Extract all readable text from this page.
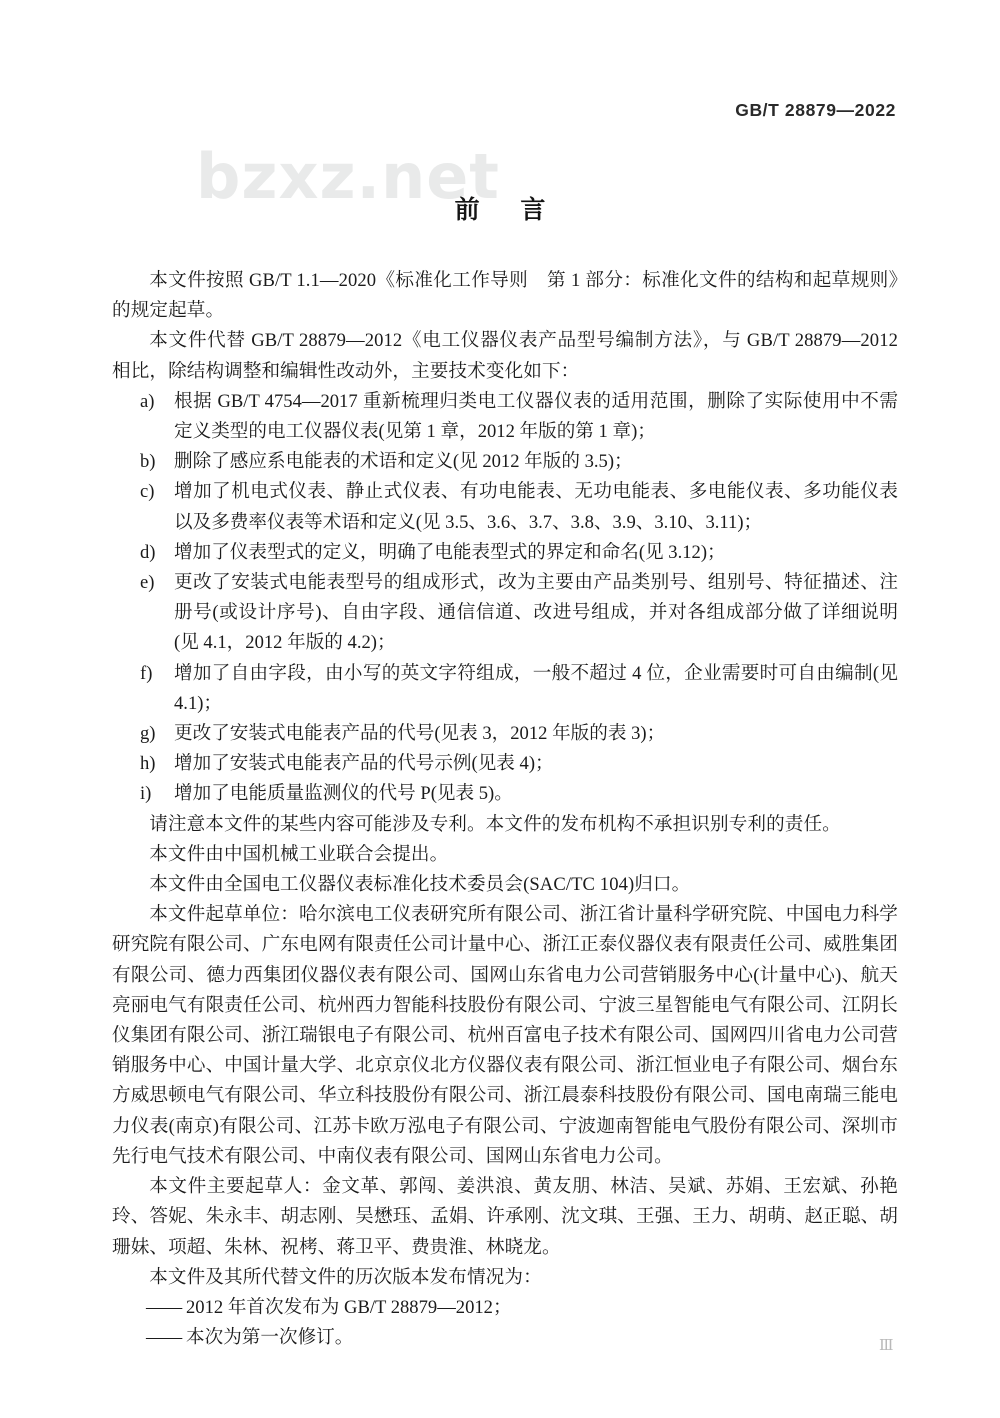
GB/T 28879—2022
bzxz.net
前 言

本文件按照 GB/T 1.1—2020《标准化工作导则　第 1 部分：标准化文件的结构和起草规则》的规定起草。

本文件代替 GB/T 28879—2012《电工仪器仪表产品型号编制方法》，与 GB/T 28879—2012 相比，除结构调整和编辑性改动外，主要技术变化如下：

a)	根据 GB/T 4754—2017 重新梳理归类电工仪器仪表的适用范围，删除了实际使用中不需定义类型的电工仪器仪表(见第 1 章，2012 年版的第 1 章)；
b) 删除了感应系电能表的术语和定义(见 2012 年版的 3.5)；
c)	增加了机电式仪表、静止式仪表、有功电能表、无功电能表、多电能仪表、多功能仪表以及多费率仪表等术语和定义(见 3.5、3.6、3.7、3.8、3.9、3.10、3.11)；
d) 增加了仪表型式的定义，明确了电能表型式的界定和命名(见 3.12)；
e)	更改了安装式电能表型号的组成形式，改为主要由产品类别号、组别号、特征描述、注册号(或设计序号)、自由字段、通信信道、改进号组成，并对各组成部分做了详细说明(见 4.1，2012 年版的 4.2)；
f)	增加了自由字段，由小写的英文字符组成，一般不超过 4 位，企业需要时可自由编制(见 4.1)；
g) 更改了安装式电能表产品的代号(见表 3，2012 年版的表 3)；
h) 增加了安装式电能表产品的代号示例(见表 4)；
i)	增加了电能质量监测仪的代号 P(见表 5)。

请注意本文件的某些内容可能涉及专利。本文件的发布机构不承担识别专利的责任。

本文件由中国机械工业联合会提出。

本文件由全国电工仪器仪表标准化技术委员会(SAC/TC 104)归口。

本文件起草单位：哈尔滨电工仪表研究所有限公司、浙江省计量科学研究院、中国电力科学研究院有限公司、广东电网有限责任公司计量中心、浙江正泰仪器仪表有限责任公司、威胜集团有限公司、德力西集团仪器仪表有限公司、国网山东省电力公司营销服务中心(计量中心)、航天亮丽电气有限责任公司、杭州西力智能科技股份有限公司、宁波三星智能电气有限公司、江阴长仪集团有限公司、浙江瑞银电子有限公司、杭州百富电子技术有限公司、国网四川省电力公司营销服务中心、中国计量大学、北京京仪北方仪器仪表有限公司、浙江恒业电子有限公司、烟台东方威思顿电气有限公司、华立科技股份有限公司、浙江晨泰科技股份有限公司、国电南瑞三能电力仪表(南京)有限公司、江苏卡欧万泓电子有限公司、宁波迦南智能电气股份有限公司、深圳市先行电气技术有限公司、中南仪表有限公司、国网山东省电力公司。

本文件主要起草人：金文革、郭闯、姜洪浪、黄友朋、林洁、吴斌、苏娟、王宏斌、孙艳玲、答妮、朱永丰、胡志刚、吴懋珏、孟娟、许承刚、沈文琪、王强、王力、胡萌、赵正聪、胡珊妹、项超、朱林、祝栲、蒋卫平、费贵淮、林晓龙。

本文件及其所代替文件的历次版本发布情况为：

—— 2012 年首次发布为 GB/T 28879—2012；
—— 本次为第一次修订。	Ⅲ
